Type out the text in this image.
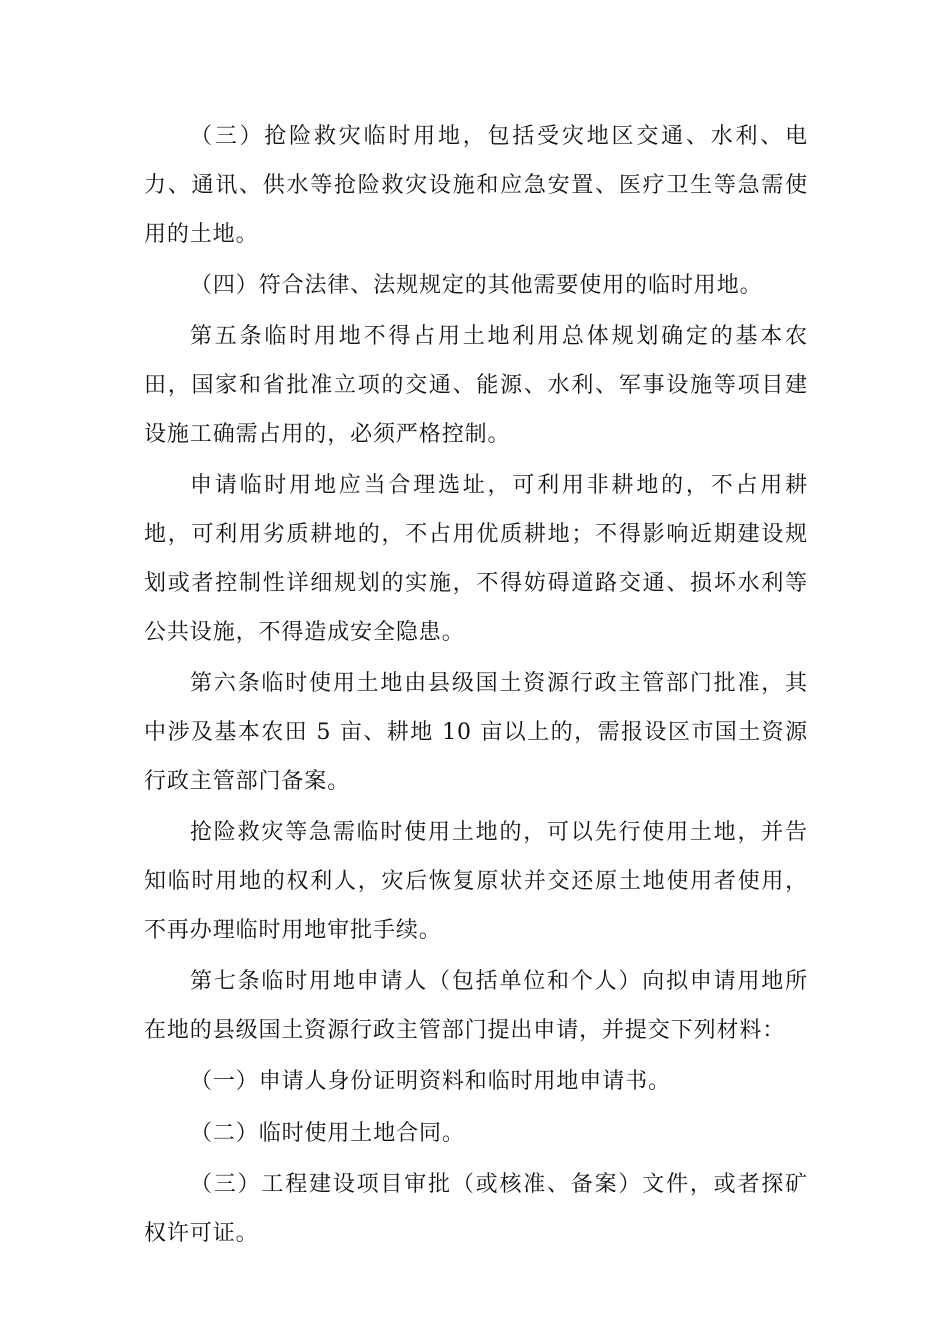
（三）抢险救灾临时用地，包括受灾地区交通、水利、电力、通讯、供水等抢险救灾设施和应急安置、医疗卫生等急需使用的土地。

（四）符合法律、法规规定的其他需要使用的临时用地。

第五条临时用地不得占用土地利用总体规划确定的基本农田，国家和省批准立项的交通、能源、水利、军事设施等项目建设施工确需占用的，必须严格控制。

申请临时用地应当合理选址，可利用非耕地的，不占用耕地，可利用劣质耕地的，不占用优质耕地；不得影响近期建设规划或者控制性详细规划的实施，不得妨碍道路交通、损坏水利等公共设施，不得造成安全隐患。

第六条临时使用土地由县级国土资源行政主管部门批准，其中涉及基本农田 5 亩、耕地 10 亩以上的，需报设区市国土资源行政主管部门备案。

抢险救灾等急需临时使用土地的，可以先行使用土地，并告知临时用地的权利人，灾后恢复原状并交还原土地使用者使用，不再办理临时用地审批手续。

第七条临时用地申请人（包括单位和个人）向拟申请用地所在地的县级国土资源行政主管部门提出申请，并提交下列材料：

（一）申请人身份证明资料和临时用地申请书。

（二）临时使用土地合同。

（三）工程建设项目审批（或核准、备案）文件，或者探矿权许可证。
